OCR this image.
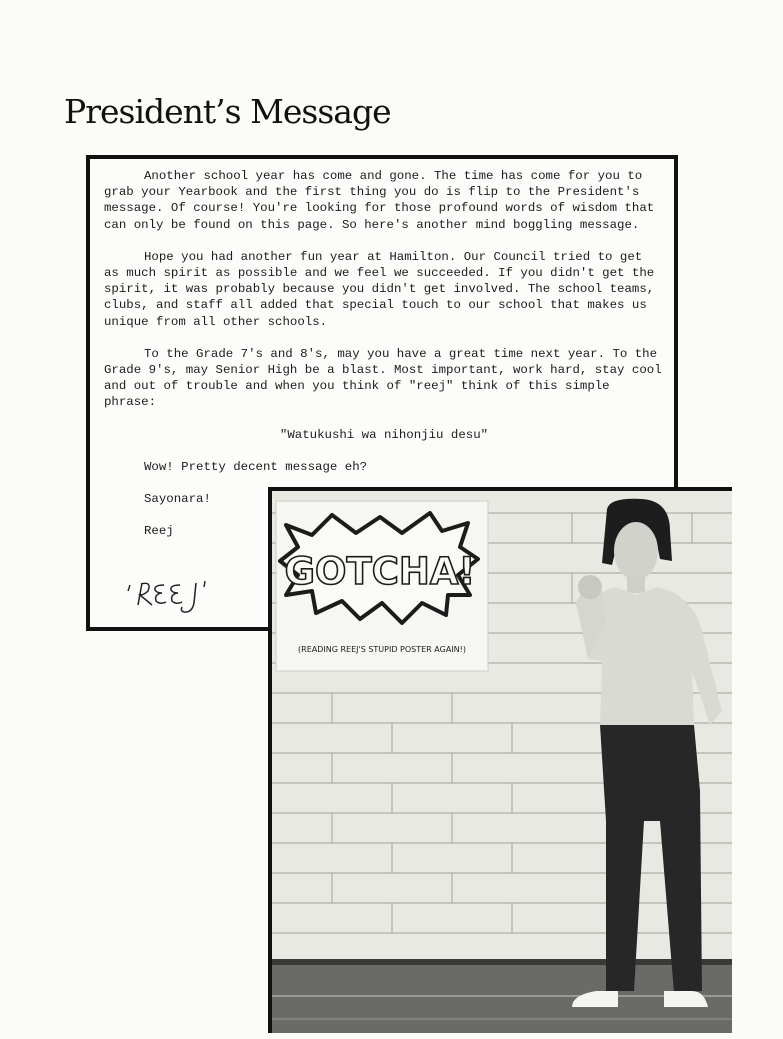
President’s Message

Another school year has come and gone. The time has come for you to grab your Yearbook and the first thing you do is flip to the President's message. Of course! You're looking for those profound words of wisdom that can only be found on this page. So here's another mind boggling message.

Hope you had another fun year at Hamilton. Our Council tried to get as much spirit as possible and we feel we succeeded. If you didn't get the spirit, it was probably because you didn't get involved. The school teams, clubs, and staff all added that special touch to our school that makes us unique from all other schools.

To the Grade 7's and 8's, may you have a great time next year. To the Grade 9's, may Senior High be a blast. Most important, work hard, stay cool and out of trouble and when you think of "reej" think of this simple phrase:

"Watukushi wa nihonjiu desu"

Wow! Pretty decent message eh?

Sayonara!

Reej

GOTCHA!
(READING REEJ'S STUPID POSTER AGAIN!)
